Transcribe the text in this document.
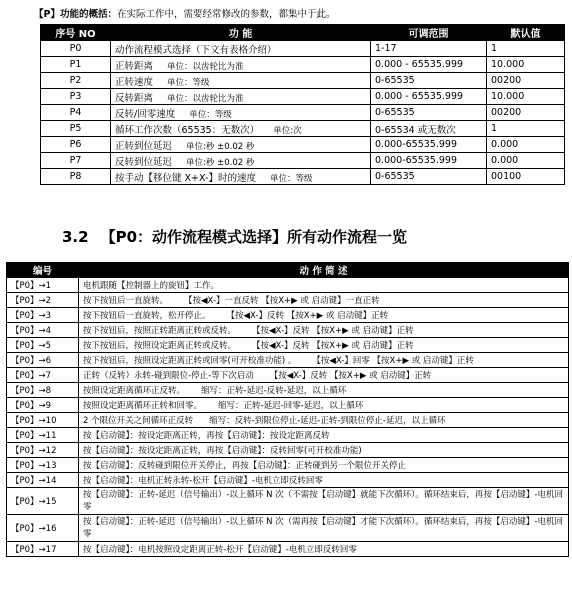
【P】功能的概括：在实际工作中，需要经常修改的参数，都集中于此。
序号 NO	功 能	可调范围	默认值
P0	动作流程模式选择（下文有表格介绍）	1-17	1
P1	正转距离 单位：以齿轮比为准	0.000 - 65535.999	10.000
P2	正转速度 单位：等级	0-65535	00200
P3	反转距离 单位：以齿轮比为准	0.000 - 65535.999	10.000
P4	反转/回零速度 单位：等级	0-65535	00200
P5	循环工作次数（65535：无数次） 单位:次	0-65534 或无数次	1
P6	正转到位延迟 单位:秒 ±0.02 秒	0.000-65535.999	0.000
P7	反转到位延迟 单位:秒 ±0.02 秒	0.000-65535.999	0.000
P8	按手动【移位键 X+X-】时的速度 单位：等级	0-65535	00100
3.2 【P0：动作流程模式选择】所有动作流程一览
编号	动 作 简 述
【P0】→1	电机跟随【控制器上的旋钮】工作。
【P0】→2	按下按钮后一直旋转。 【按◀X-】一直反转 【按X+▶ 或 启动键】一直正转
【P0】→3	按下按钮后一直旋转，松开停止。 【按◀X-】反转 【按X+▶ 或 启动键】正转
【P0】→4	按下按钮后，按照正转距离正转或反转。 【按◀X-】反转 【按X+▶ 或 启动键】正转
【P0】→5	按下按钮后，按照设定距离正转或反转。 【按◀X-】反转 【按X+▶ 或 启动键】正转
【P0】→6	按下按钮后，按照设定距离正转或回零(可开校准功能) 。 【按◀X-】回零 【按X+▶ 或 启动键】正转
【P0】→7	正转（反转）永转-碰到限位-停止-等下次启动 【按◀X-】反转 【按X+▶ 或 启动键】正转
【P0】→8	按照设定距离循环正反转。 缩写：正转-延迟-反转-延迟，以上循环
【P0】→9	按照设定距离循环正转和回零。 缩写：正转-延迟-回零-延迟，以上循环
【P0】→10	2 个限位开关之间循环正反转 缩写：反转-到限位停止-延迟-正转-到限位停止-延迟，以上循环
【P0】→11	按【启动键】：按设定距离正转，再按【启动键】：按设定距离反转
【P0】→12	按【启动键】：按设定距离正转，再按【启动键】：反转回零(可开校准功能)
【P0】→13	按【启动键】：反转碰到限位开关停止，再按【启动键】：正转碰到另一个限位开关停止
【P0】→14	按【启动键】：电机正转永转-松开【启动键】-电机立即反转回零
【P0】→15	按【启动键】：正转-延迟（信号输出）-以上循环 N 次（不需按【启动键】就能下次循环）。循环结束后，再按【启动键】-电机回零
【P0】→16	按【启动键】：正转-延迟（信号输出）-以上循环 N 次（需再按【启动键】才能下次循环）。循环结束后，再按【启动键】-电机回零
【P0】→17	按【启动键】：电机按照设定距离正转-松开【启动键】-电机立即反转回零
